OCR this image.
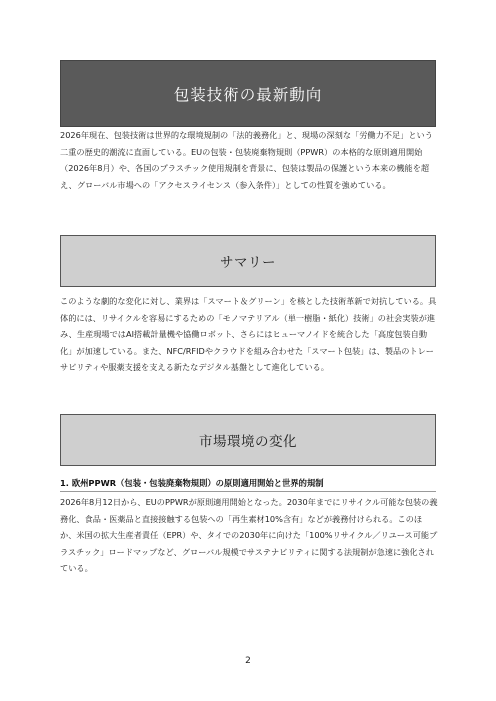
包装技術の最新動向

2026年現在、包装技術は世界的な環境規制の「法的義務化」と、現場の深刻な「労働力不足」という二重の歴史的潮流に直面している。EUの包装・包装廃棄物規則（PPWR）の本格的な原則適用開始（2026年8月）や、各国のプラスチック使用規制を背景に、包装は製品の保護という本来の機能を超え、グローバル市場への「アクセスライセンス（参入条件）」としての性質を強めている。

サマリー

このような劇的な変化に対し、業界は「スマート＆グリーン」を核とした技術革新で対抗している。具体的には、リサイクルを容易にするための「モノマテリアル（単一樹脂・紙化）技術」の社会実装が進み、生産現場ではAI搭載計量機や協働ロボット、さらにはヒューマノイドを統合した「高度包装自動化」が加速している。また、NFC/RFIDやクラウドを組み合わせた「スマート包装」は、製品のトレーサビリティや服薬支援を支える新たなデジタル基盤として進化している。

市場環境の変化
1. 欧州PPWR（包装・包装廃棄物規則）の原則適用開始と世界的規制

2026年8月12日から、EUのPPWRが原則適用開始となった。2030年までにリサイクル可能な包装の義務化、食品・医薬品と直接接触する包装への「再生素材10%含有」などが義務付けられる。このほか、米国の拡大生産者責任（EPR）や、タイでの2030年に向けた「100%リサイクル／リユース可能プラスチック」ロードマップなど、グローバル規模でサステナビリティに関する法規制が急速に強化されている。

2
